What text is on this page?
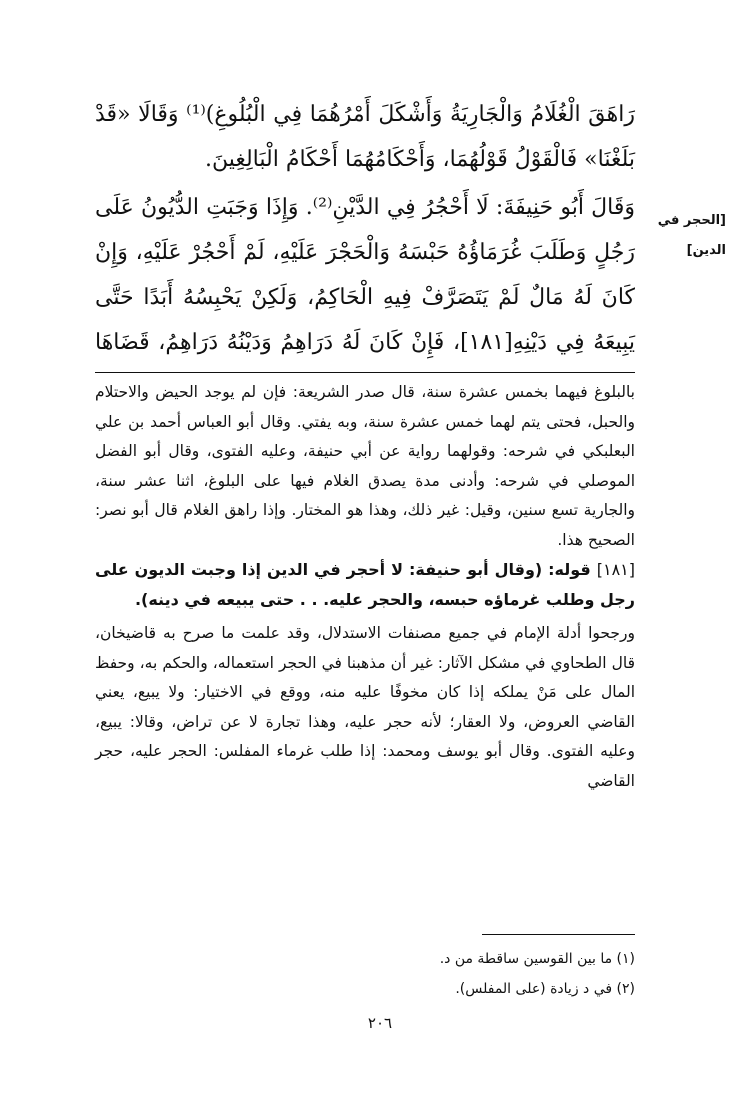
رَاهَقَ الْغُلَامُ وَالْجَارِيَةُ وَأَشْكَلَ أَمْرُهُمَا فِي الْبُلُوغِ)⁽¹⁾ وَقَالَا «قَدْ بَلَغْنَا» فَالْقَوْلُ قَوْلُهُمَا، وَأَحْكَامُهُمَا أَحْكَامُ الْبَالِغِينَ.

وَقَالَ أَبُو حَنِيفَةَ: لَا أَحْجُرُ فِي الدَّيْنِ⁽²⁾. وَإِذَا وَجَبَتِ الدُّيُونُ عَلَى رَجُلٍ وَطَلَبَ غُرَمَاؤُهُ حَبْسَهُ وَالْحَجْرَ عَلَيْهِ، لَمْ أَحْجُرْ عَلَيْهِ، وَإِنْ كَانَ لَهُ مَالٌ لَمْ يَتَصَرَّفْ فِيهِ الْحَاكِمُ، وَلَكِنْ يَحْبِسُهُ أَبَدًا حَتَّى يَبِيعَهُ فِي دَيْنِهِ[١٨١]، فَإِنْ كَانَ لَهُ دَرَاهِمُ وَدَيْنُهُ دَرَاهِمُ، قَضَاهَا

[الحجر في
الدين]

بالبلوغ فيهما بخمس عشرة سنة، قال صدر الشريعة: فإن لم يوجد الحيض والاحتلام والحبل، فحتى يتم لهما خمس عشرة سنة، وبه يفتي. وقال أبو العباس أحمد بن علي البعلبكي في شرحه: وقولهما رواية عن أبي حنيفة، وعليه الفتوى، وقال أبو الفضل الموصلي في شرحه: وأدنى مدة يصدق الغلام فيها على البلوغ، اثنا عشر سنة، والجارية تسع سنين، وقيل: غير ذلك، وهذا هو المختار. وإذا راهق الغلام قال أبو نصر: الصحيح هذا.

[١٨١] قوله: (وقال أبو حنيفة: لا أحجر في الدين إذا وجبت الديون على رجل وطلب غرماؤه حبسه، والحجر عليه. . . حتى يبيعه في دينه).

ورجحوا أدلة الإمام في جميع مصنفات الاستدلال، وقد علمت ما صرح به قاضيخان، قال الطحاوي في مشكل الآثار: غير أن مذهبنا في الحجر استعماله، والحكم به، وحفظ المال على مَنْ يملكه إذا كان مخوفًا عليه منه، ووقع في الاختيار: ولا يبيع، يعني القاضي العروض، ولا العقار؛ لأنه حجر عليه، وهذا تجارة لا عن تراض، وقالا: يبيع، وعليه الفتوى. وقال أبو يوسف ومحمد: إذا طلب غرماء المفلس: الحجر عليه، حجر القاضي

(١) ما بين القوسين ساقطة من د.

(٢) في د زيادة (على المفلس).

٢٠٦
